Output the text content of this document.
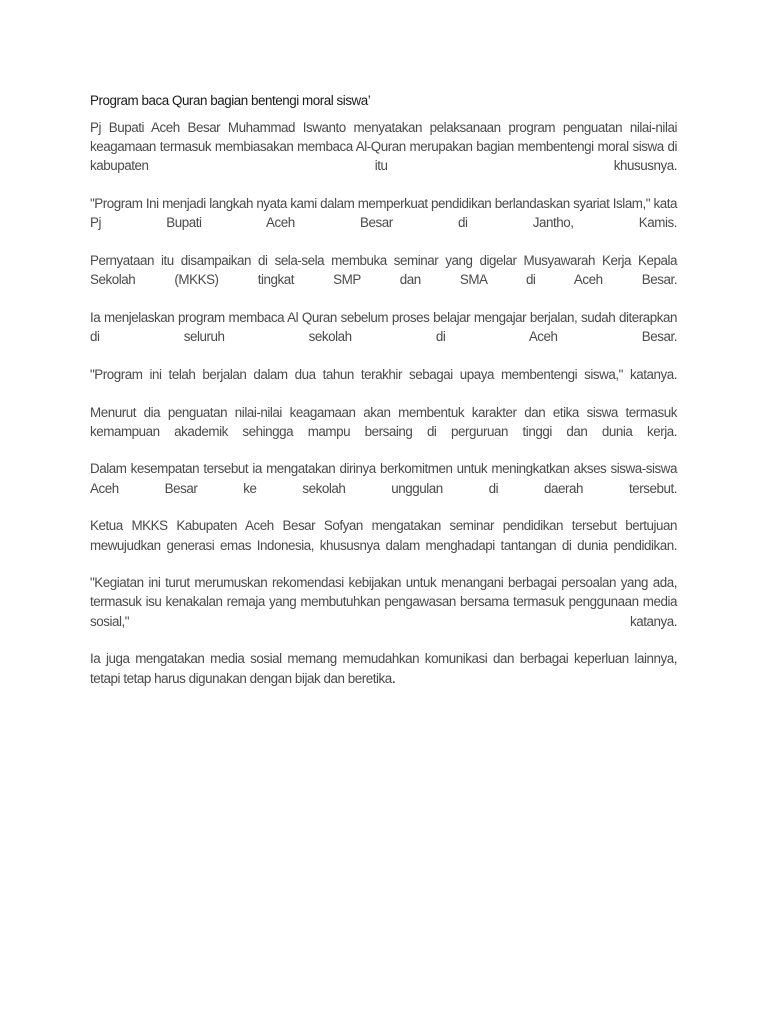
Program baca Quran bagian bentengi moral siswa’

Pj Bupati Aceh Besar Muhammad Iswanto menyatakan pelaksanaan program penguatan nilai-nilai keagamaan termasuk membiasakan membaca Al-Quran merupakan bagian membentengi moral siswa di kabupaten itu khususnya.

"Program Ini menjadi langkah nyata kami dalam memperkuat pendidikan berlandaskan syariat Islam," kata Pj Bupati Aceh Besar di Jantho, Kamis.

Pernyataan itu disampaikan di sela-sela membuka seminar yang digelar Musyawarah Kerja Kepala Sekolah (MKKS) tingkat SMP dan SMA di Aceh Besar.

Ia menjelaskan program membaca Al Quran sebelum proses belajar mengajar berjalan, sudah diterapkan di seluruh sekolah di Aceh Besar.

"Program ini telah berjalan dalam dua tahun terakhir sebagai upaya membentengi siswa," katanya.

Menurut dia penguatan nilai-nilai keagamaan akan membentuk karakter dan etika siswa termasuk kemampuan akademik sehingga mampu bersaing di perguruan tinggi dan dunia kerja.

Dalam kesempatan tersebut ia mengatakan dirinya berkomitmen untuk meningkatkan akses siswa-siswa Aceh Besar ke sekolah unggulan di daerah tersebut.

Ketua MKKS Kabupaten Aceh Besar Sofyan mengatakan seminar pendidikan tersebut bertujuan mewujudkan generasi emas Indonesia, khususnya dalam menghadapi tantangan di dunia pendidikan.

"Kegiatan ini turut merumuskan rekomendasi kebijakan untuk menangani berbagai persoalan yang ada, termasuk isu kenakalan remaja yang membutuhkan pengawasan bersama termasuk penggunaan media sosial," katanya.

Ia juga mengatakan media sosial memang memudahkan komunikasi dan berbagai keperluan lainnya, tetapi tetap harus digunakan dengan bijak dan beretika.
